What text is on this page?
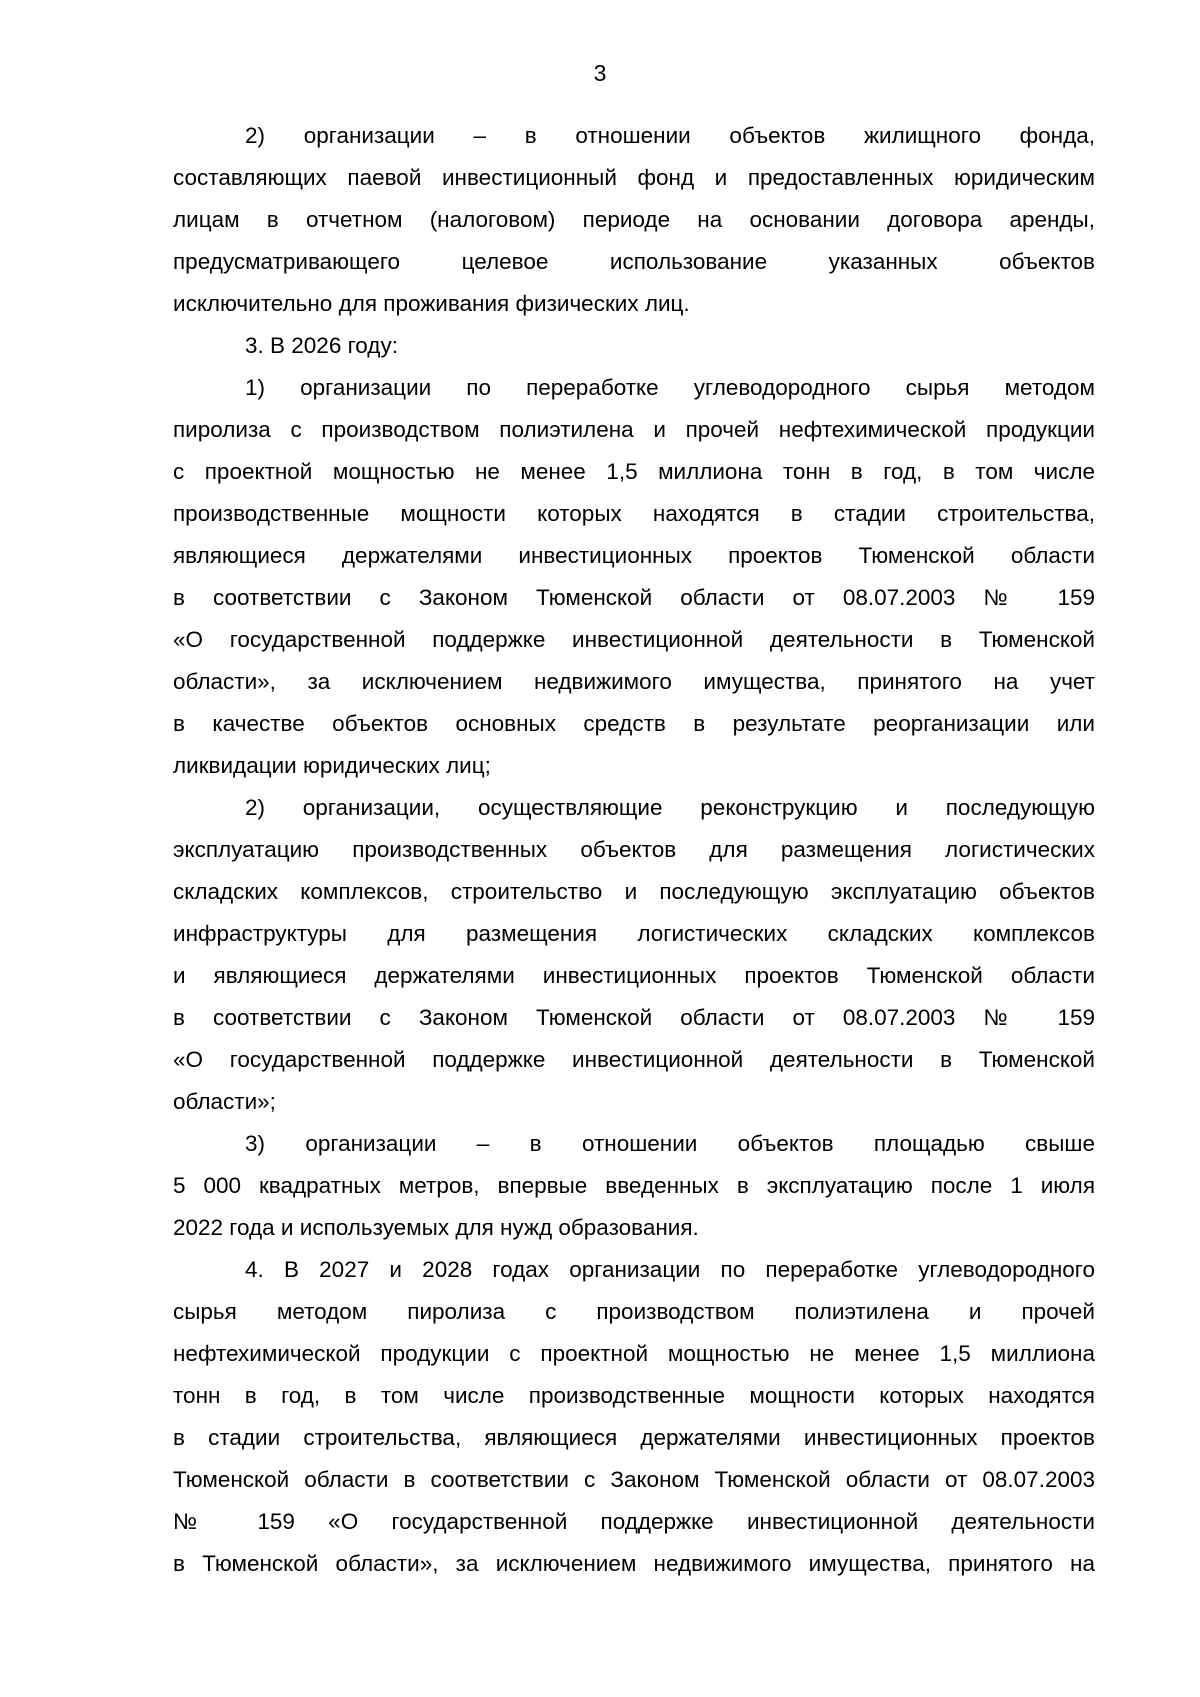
3

2) организации – в отношении объектов жилищного фонда,
составляющих паевой инвестиционный фонд и предоставленных юридическим
лицам в отчетном (налоговом) периоде на основании договора аренды,
предусматривающего целевое использование указанных объектов
исключительно для проживания физических лиц.

3. В 2026 году:

1) организации по переработке углеводородного сырья методом
пиролиза с производством полиэтилена и прочей нефтехимической продукции
с проектной мощностью не менее 1,5 миллиона тонн в год, в том числе
производственные мощности которых находятся в стадии строительства,
являющиеся держателями инвестиционных проектов Тюменской области
в соответствии с Законом Тюменской области от 08.07.2003 № 159
«О государственной поддержке инвестиционной деятельности в Тюменской
области», за исключением недвижимого имущества, принятого на учет
в качестве объектов основных средств в результате реорганизации или
ликвидации юридических лиц;

2) организации, осуществляющие реконструкцию и последующую
эксплуатацию производственных объектов для размещения логистических
складских комплексов, строительство и последующую эксплуатацию объектов
инфраструктуры для размещения логистических складских комплексов
и являющиеся держателями инвестиционных проектов Тюменской области
в соответствии с Законом Тюменской области от 08.07.2003 № 159
«О государственной поддержке инвестиционной деятельности в Тюменской
области»;

3) организации – в отношении объектов площадью свыше
5 000 квадратных метров, впервые введенных в эксплуатацию после 1 июля
2022 года и используемых для нужд образования.

4. В 2027 и 2028 годах организации по переработке углеводородного
сырья методом пиролиза с производством полиэтилена и прочей
нефтехимической продукции с проектной мощностью не менее 1,5 миллиона
тонн в год, в том числе производственные мощности которых находятся
в стадии строительства, являющиеся держателями инвестиционных проектов
Тюменской области в соответствии с Законом Тюменской области от 08.07.2003
№ 159 «О государственной поддержке инвестиционной деятельности
в Тюменской области», за исключением недвижимого имущества, принятого на
